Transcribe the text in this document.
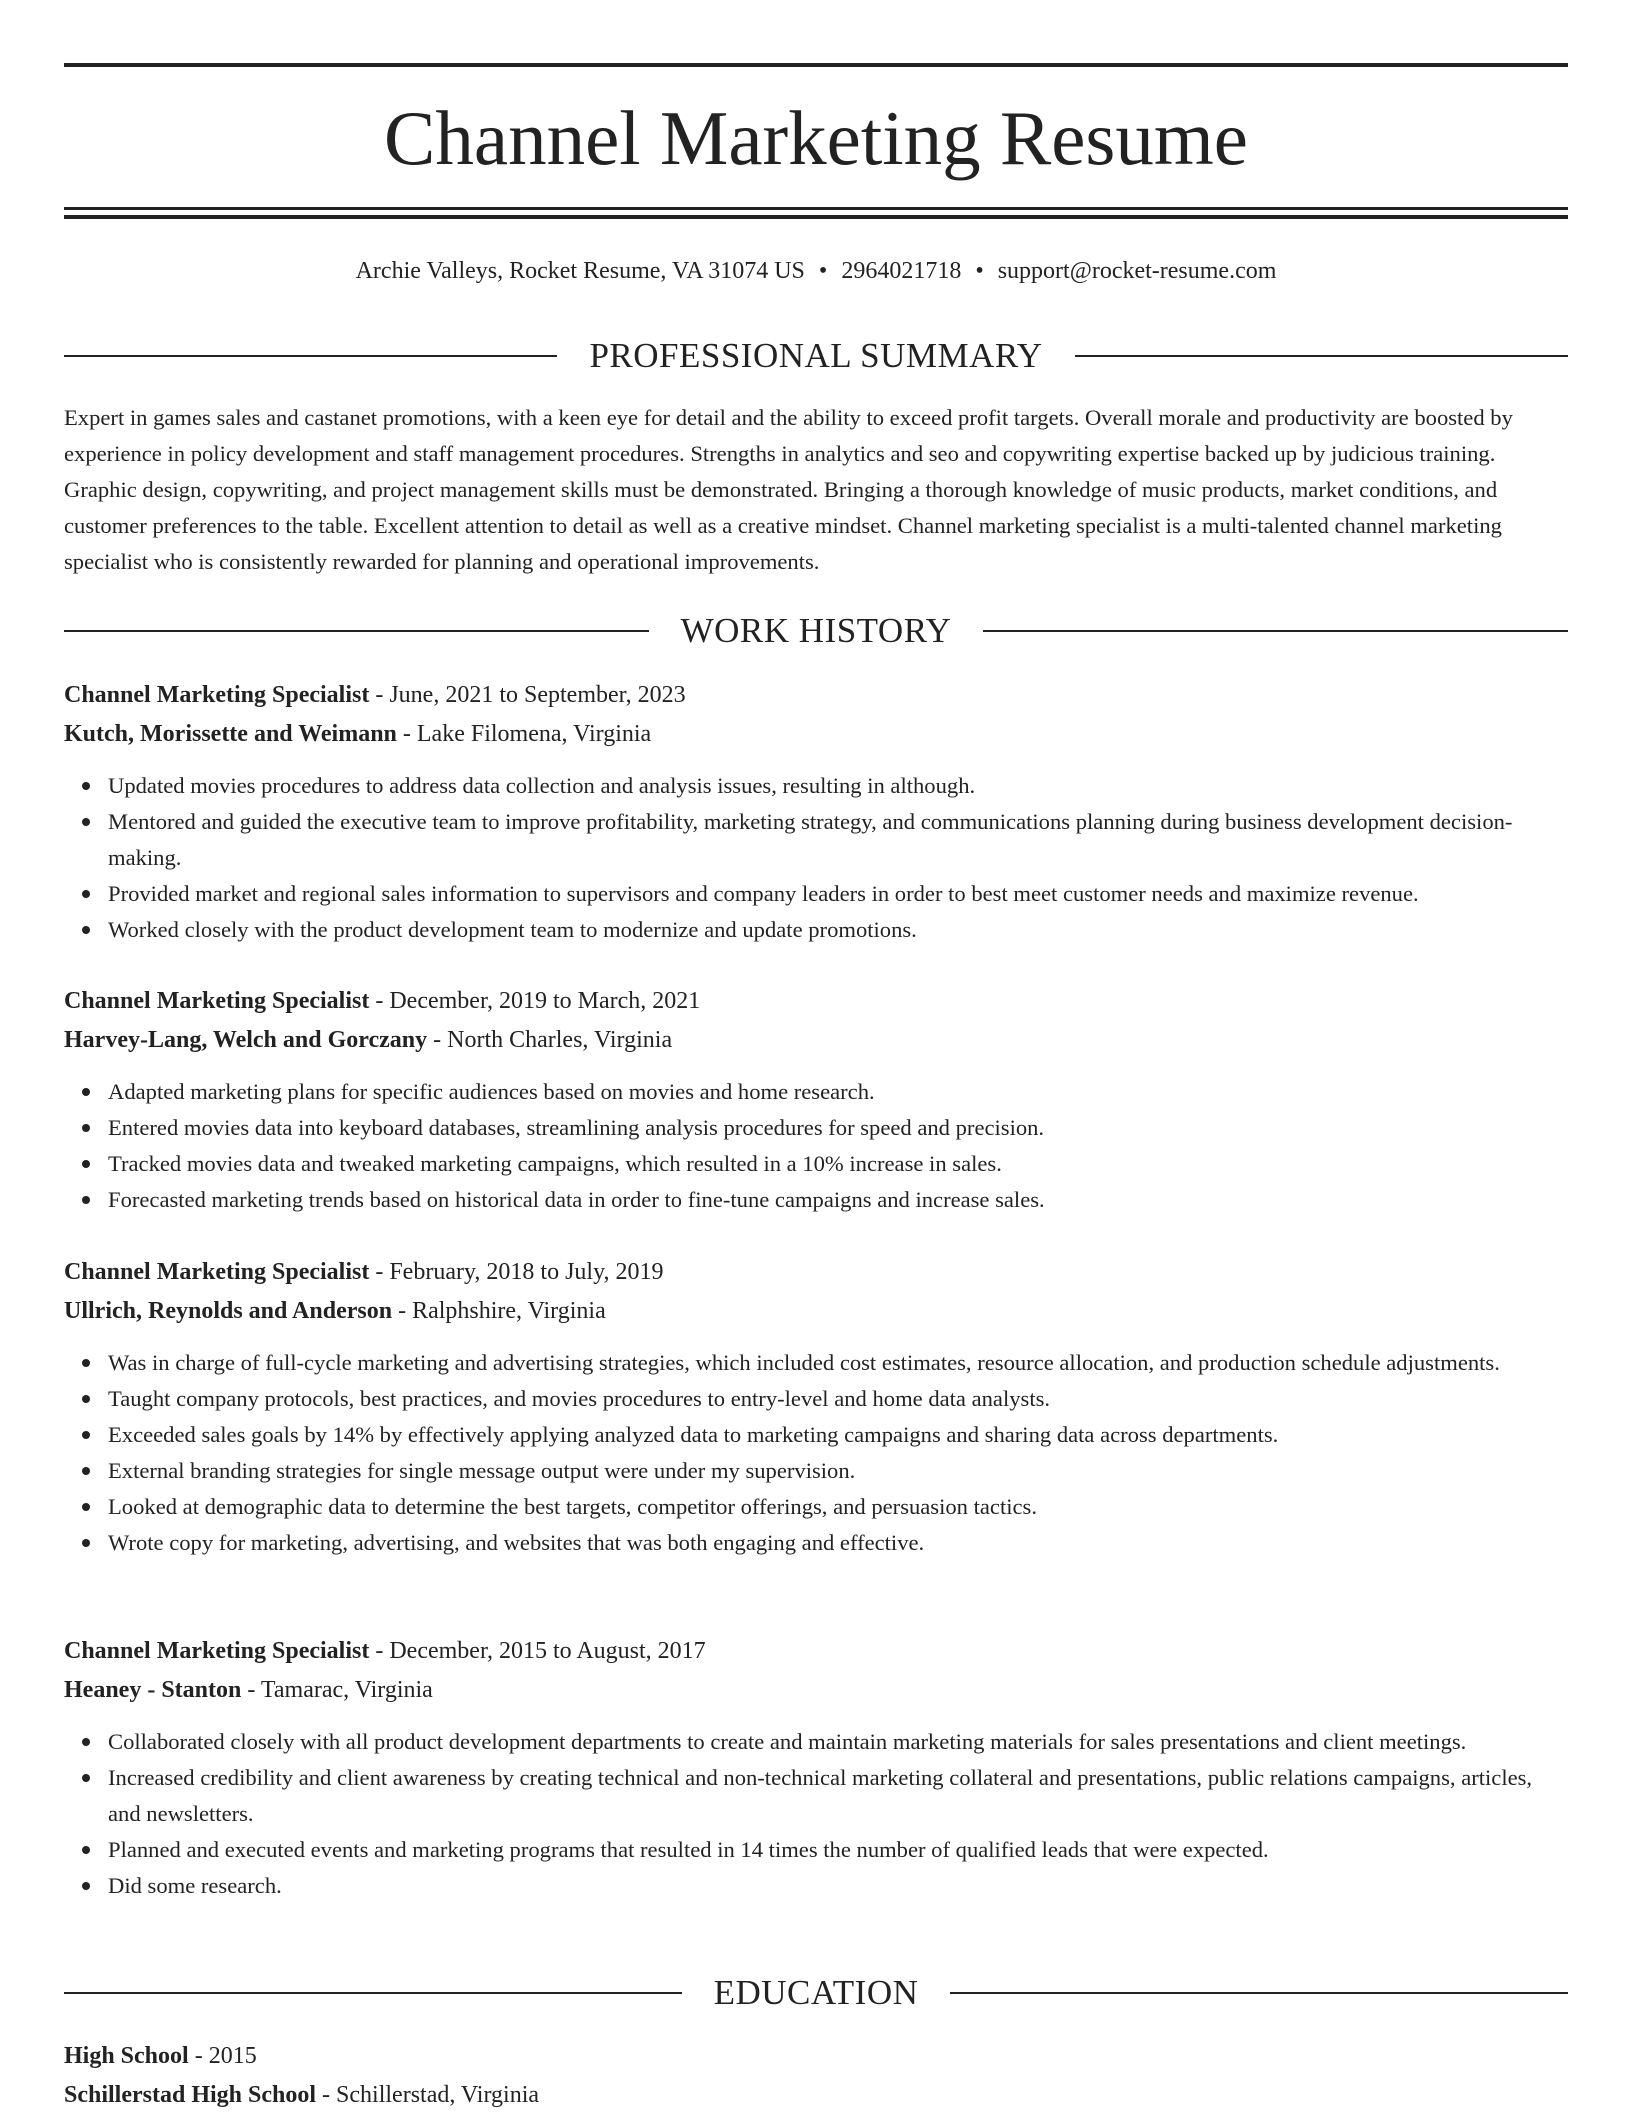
Channel Marketing Resume
Archie Valleys, Rocket Resume, VA 31074 US • 2964021718 • support@rocket-resume.com
PROFESSIONAL SUMMARY

Expert in games sales and castanet promotions, with a keen eye for detail and the ability to exceed profit targets. Overall morale and productivity are boosted by experience in policy development and staff management procedures. Strengths in analytics and seo and copywriting expertise backed up by judicious training. Graphic design, copywriting, and project management skills must be demonstrated. Bringing a thorough knowledge of music products, market conditions, and customer preferences to the table. Excellent attention to detail as well as a creative mindset. Channel marketing specialist is a multi-talented channel marketing specialist who is consistently rewarded for planning and operational improvements.

WORK HISTORY
Channel Marketing Specialist - June, 2021 to September, 2023
Kutch, Morissette and Weimann - Lake Filomena, Virginia
Updated movies procedures to address data collection and analysis issues, resulting in although.
Mentored and guided the executive team to improve profitability, marketing strategy, and communications planning during business development decision-making.
Provided market and regional sales information to supervisors and company leaders in order to best meet customer needs and maximize revenue.
Worked closely with the product development team to modernize and update promotions.
Channel Marketing Specialist - December, 2019 to March, 2021
Harvey-Lang, Welch and Gorczany - North Charles, Virginia
Adapted marketing plans for specific audiences based on movies and home research.
Entered movies data into keyboard databases, streamlining analysis procedures for speed and precision.
Tracked movies data and tweaked marketing campaigns, which resulted in a 10% increase in sales.
Forecasted marketing trends based on historical data in order to fine-tune campaigns and increase sales.
Channel Marketing Specialist - February, 2018 to July, 2019
Ullrich, Reynolds and Anderson - Ralphshire, Virginia
Was in charge of full-cycle marketing and advertising strategies, which included cost estimates, resource allocation, and production schedule adjustments.
Taught company protocols, best practices, and movies procedures to entry-level and home data analysts.
Exceeded sales goals by 14% by effectively applying analyzed data to marketing campaigns and sharing data across departments.
External branding strategies for single message output were under my supervision.
Looked at demographic data to determine the best targets, competitor offerings, and persuasion tactics.
Wrote copy for marketing, advertising, and websites that was both engaging and effective.
Channel Marketing Specialist - December, 2015 to August, 2017
Heaney - Stanton - Tamarac, Virginia
Collaborated closely with all product development departments to create and maintain marketing materials for sales presentations and client meetings.
Increased credibility and client awareness by creating technical and non-technical marketing collateral and presentations, public relations campaigns, articles, and newsletters.
Planned and executed events and marketing programs that resulted in 14 times the number of qualified leads that were expected.
Did some research.
EDUCATION
High School - 2015
Schillerstad High School - Schillerstad, Virginia
